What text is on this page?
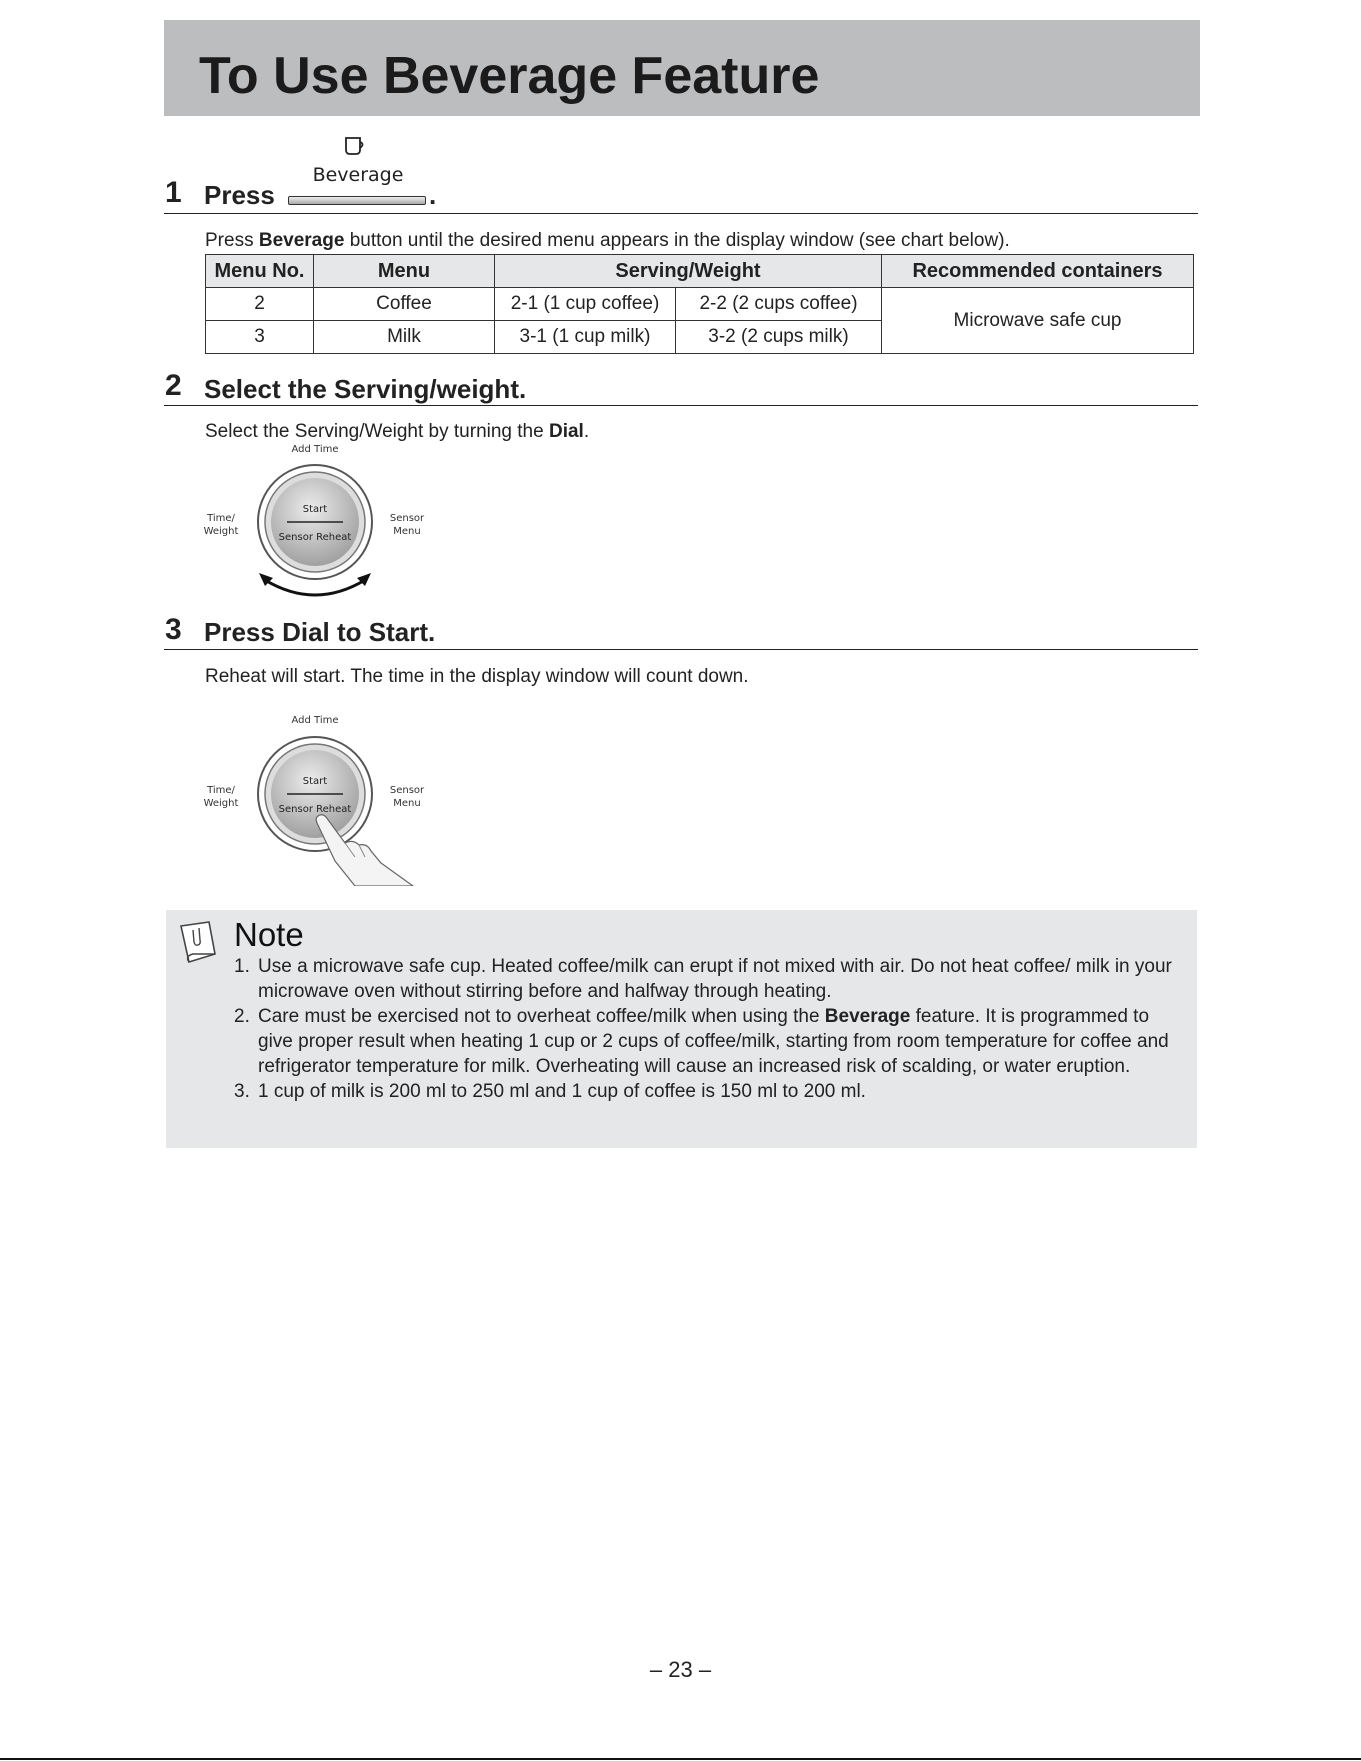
To Use Beverage Feature
1 Press
Beverage
.
Press Beverage button until the desired menu appears in the display window (see chart below).
Menu No.	Menu	Serving/Weight		Recommended containers
2	Coffee	2-1 (1 cup coffee)	2-2 (2 cups coffee)	Microwave safe cup
3	Milk	3-1 (1 cup milk)	3-2 (2 cups milk)	
2 Select the Serving/weight.
Select the Serving/Weight by turning the Dial.
Add Time
Time/
Weight
Sensor
Menu
Start
Sensor Reheat
3 Press Dial to Start.
Reheat will start. The time in the display window will count down.
Add Time
Time/
Weight
Sensor
Menu
Start
Sensor Reheat
Note
1. Use a microwave safe cup. Heated coffee/milk can erupt if not mixed with air. Do not heat coffee/ milk in your microwave oven without stirring before and halfway through heating.
2. Care must be exercised not to overheat coffee/milk when using the Beverage feature. It is programmed to give proper result when heating 1 cup or 2 cups of coffee/milk, starting from room temperature for coffee and refrigerator temperature for milk. Overheating will cause an increased risk of scalding, or water eruption.
3. 1 cup of milk is 200 ml to 250 ml and 1 cup of coffee is 150 ml to 200 ml.
– 23 –
